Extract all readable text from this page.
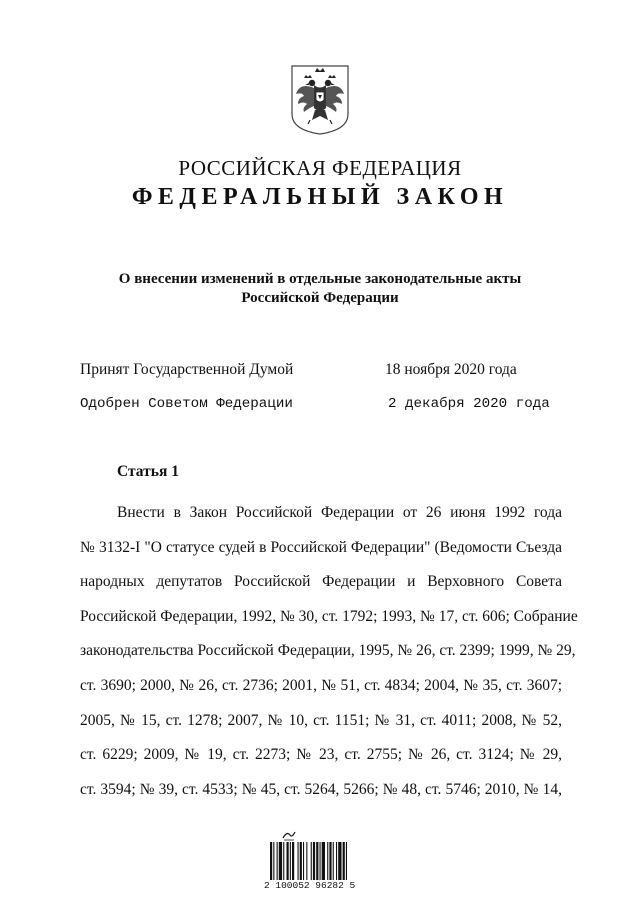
РОССИЙСКАЯ ФЕДЕРАЦИЯ
ФЕДЕРАЛЬНЫЙ ЗАКОН
О внесении изменений в отдельные законодательные акты
Российской Федерации
Принят Государственной Думой	18 ноября 2020 года
Одобрен Советом Федерации	2 декабря 2020 года
Статья 1
Внести в Закон Российской Федерации от 26 июня 1992 года
№ 3132-I "О статусе судей в Российской Федерации" (Ведомости Съезда
народных депутатов Российской Федерации и Верховного Совета
Российской Федерации, 1992, № 30, ст. 1792; 1993, № 17, ст. 606; Собрание
законодательства Российской Федерации, 1995, № 26, ст. 2399; 1999, № 29,
ст. 3690; 2000, № 26, ст. 2736; 2001, № 51, ст. 4834; 2004, № 35, ст. 3607;
2005, № 15, ст. 1278; 2007, № 10, ст. 1151; № 31, ст. 4011; 2008, № 52,
ст. 6229; 2009, № 19, ст. 2273; № 23, ст. 2755; № 26, ст. 3124; № 29,
ст. 3594; № 39, ст. 4533; № 45, ст. 5264, 5266; № 48, ст. 5746; 2010, № 14,
2 100052 96282 5
